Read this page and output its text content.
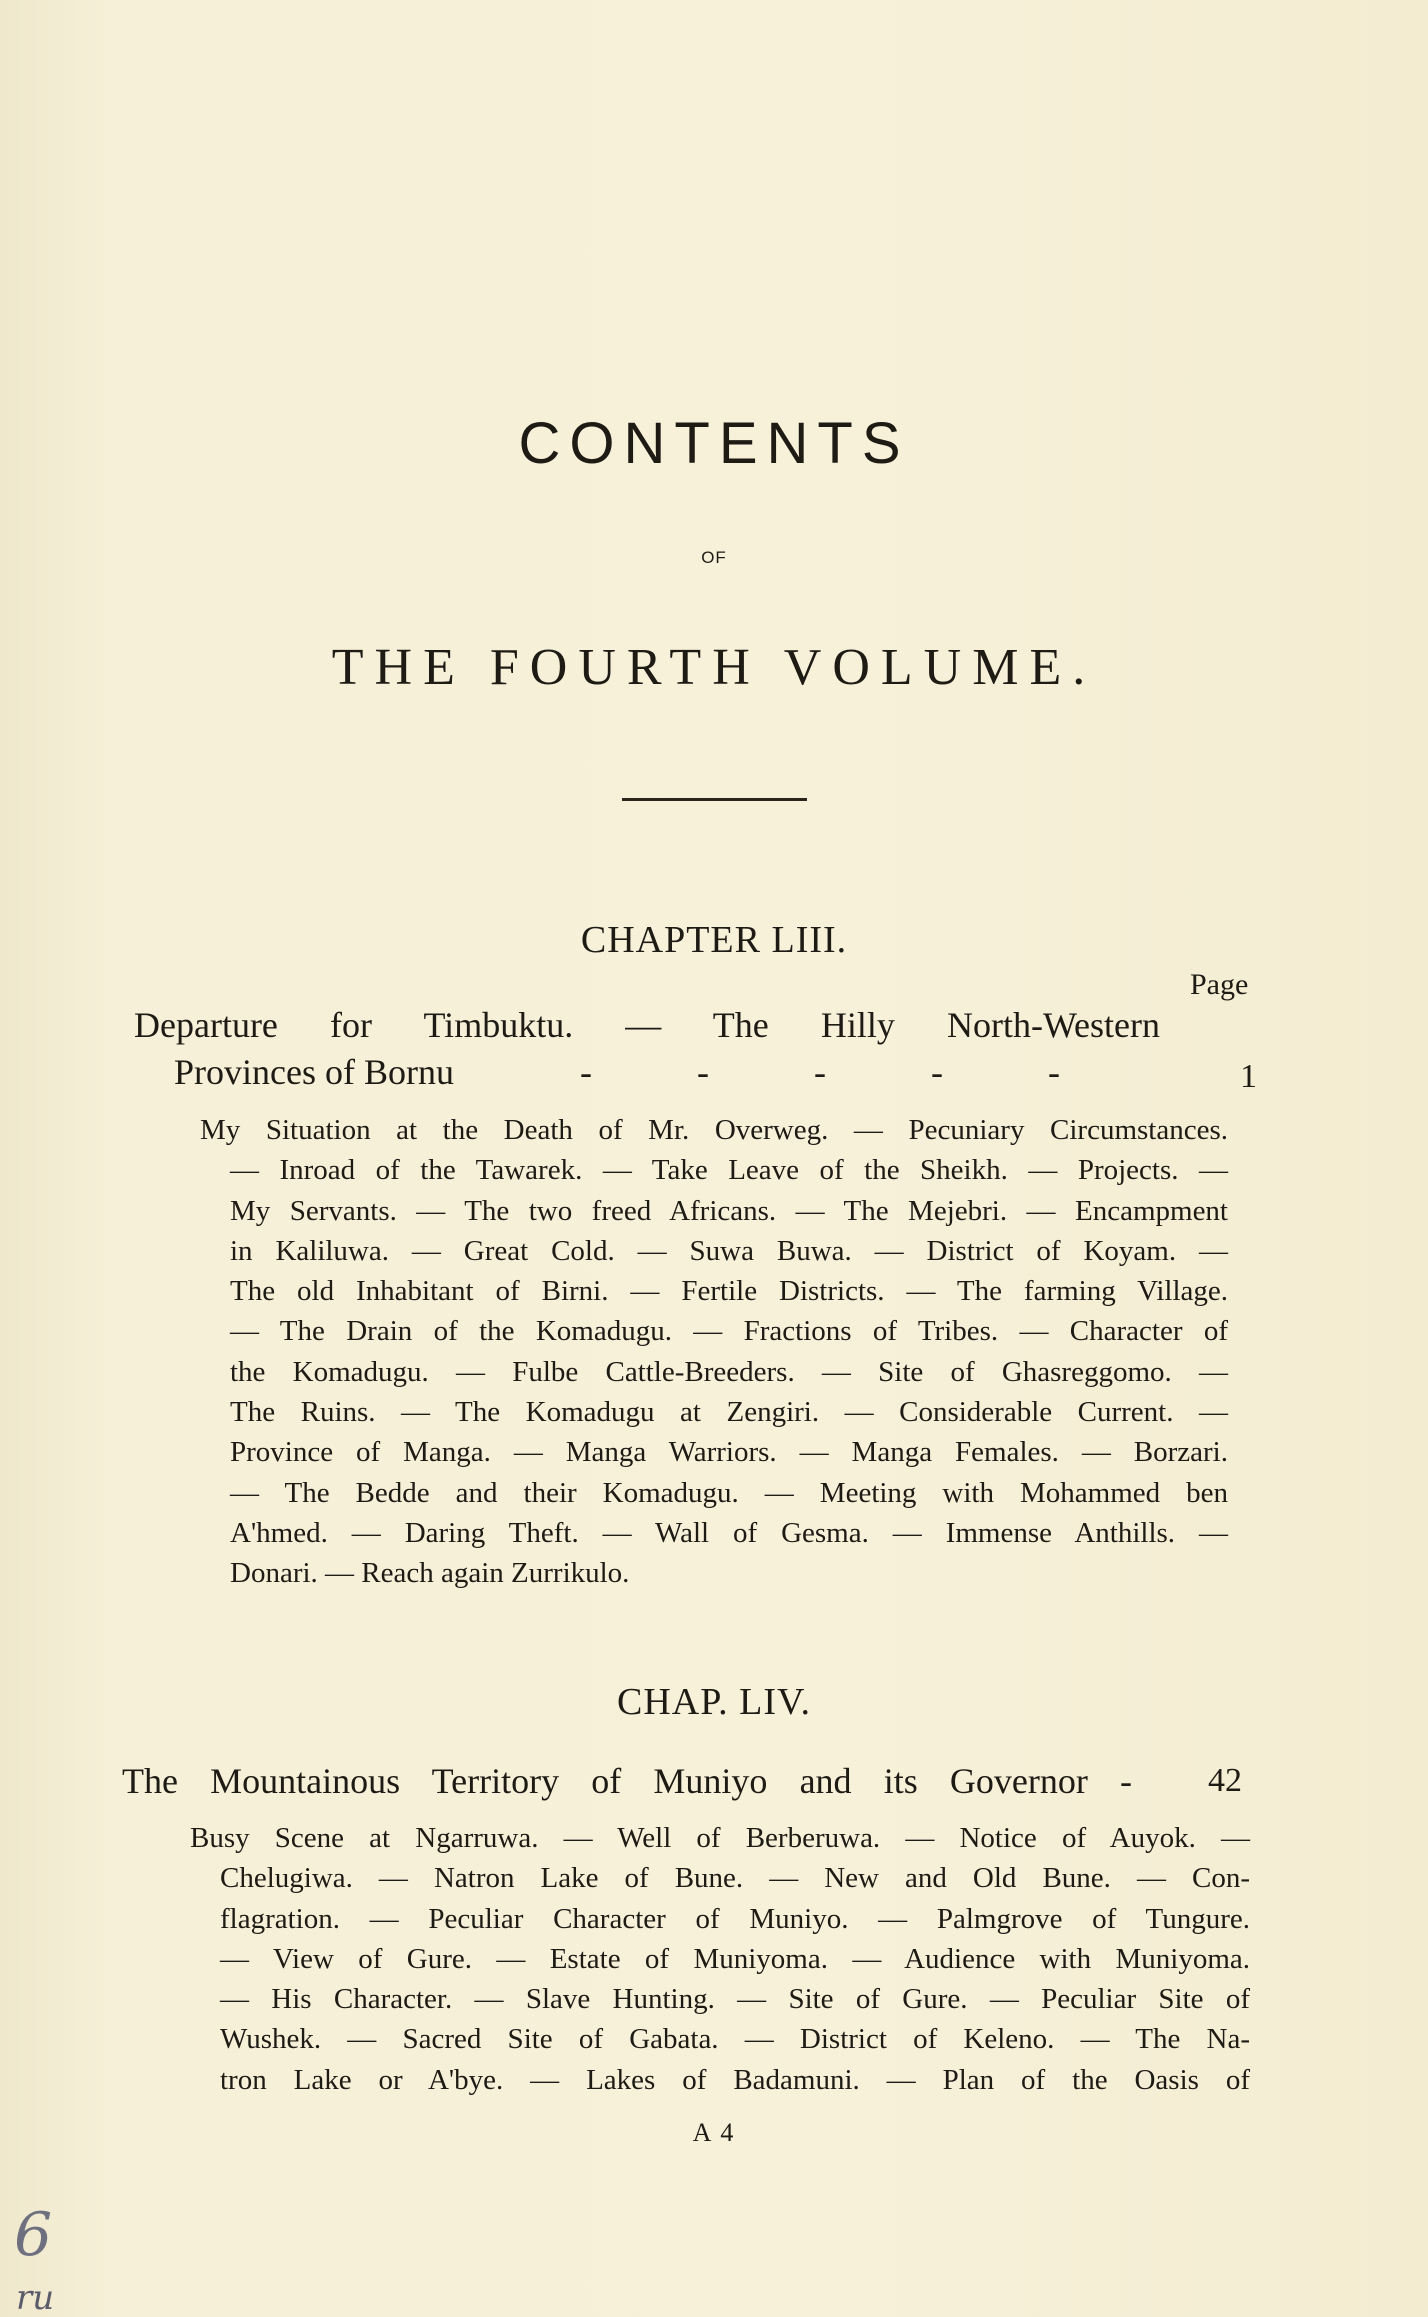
CONTENTS
OF
THE FOURTH VOLUME.
CHAPTER LIII.
Page
Departure for Timbuktu. — The Hilly North-Western
Provinces of Bornu	- - - - -	1
My Situation at the Death of Mr. Overweg. — Pecuniary Circumstances.
— Inroad of the Tawarek. — Take Leave of the Sheikh. — Projects. —
My Servants. — The two freed Africans. — The Mejebri. — Encampment
in Kaliluwa. — Great Cold. — Suwa Buwa. — District of Koyam. —
The old Inhabitant of Birni. — Fertile Districts. — The farming Village.
— The Drain of the Komadugu. — Fractions of Tribes. — Character of
the Komadugu. — Fulbe Cattle-Breeders. — Site of Ghasreggomo. —
The Ruins. — The Komadugu at Zengiri. — Considerable Current. —
Province of Manga. — Manga Warriors. — Manga Females. — Borzari.
— The Bedde and their Komadugu. — Meeting with Mohammed ben
A'hmed. — Daring Theft. — Wall of Gesma. — Immense Anthills. —
Donari. — Reach again Zurrikulo.
CHAP. LIV.
The Mountainous Territory of Muniyo and its Governor - 42
Busy Scene at Ngarruwa. — Well of Berberuwa. — Notice of Auyok. —
Chelugiwa. — Natron Lake of Bune. — New and Old Bune. — Con-
flagration. — Peculiar Character of Muniyo. — Palmgrove of Tungure.
— View of Gure. — Estate of Muniyoma. — Audience with Muniyoma.
— His Character. — Slave Hunting. — Site of Gure. — Peculiar Site of
Wushek. — Sacred Site of Gabata. — District of Keleno. — The Na-
tron Lake or A'bye. — Lakes of Badamuni. — Plan of the Oasis of
A 4
6
ru
